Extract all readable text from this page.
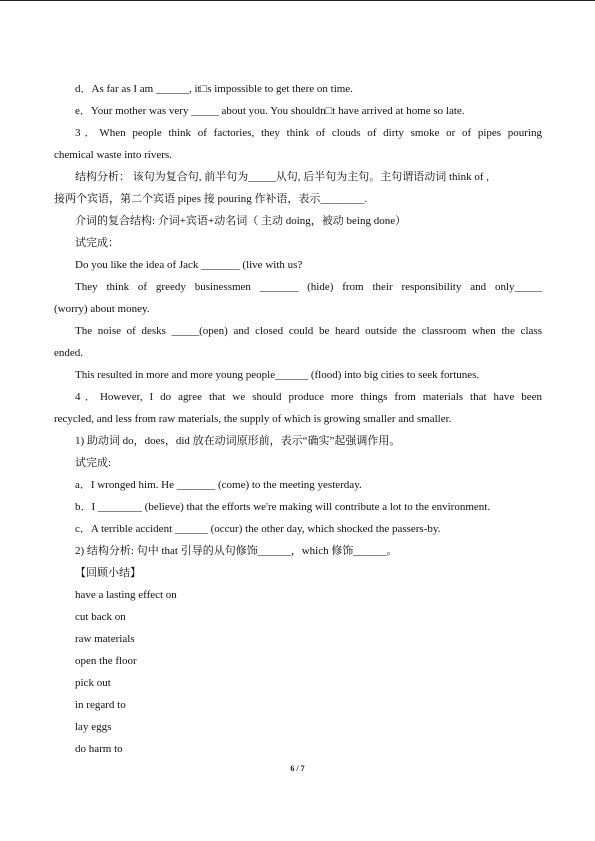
d．As far as I am ______, it□s impossible to get there on time.
e．Your mother was very _____ about you. You shouldn□t have arrived at home so late.
3．When people think of factories, they think of clouds of dirty smoke or of pipes pouring
chemical waste into rivers.
结构分析： 该句为复合句, 前半句为_____从句, 后半句为主句。主句谓语动词 think of ,
接两个宾语，第二个宾语 pipes 接 pouring 作补语，表示________.
介词的复合结构: 介词+宾语+动名词（ 主动 doing，被动 being done）
试完成：
Do you like the idea of Jack _______ (live with us?
They think of greedy businessmen _______ (hide) from their responsibility and only_____
(worry) about money.
The noise of desks _____(open) and closed could be heard outside the classroom when the class
ended.
This resulted in more and more young people______ (flood) into big cities to seek fortunes.
4．However, I do agree that we should produce more things from materials that have been
recycled, and less from raw materials, the supply of which is growing smaller and smaller.
1) 助动词 do，does，did 放在动词原形前，表示“确实”起强调作用。
试完成:
a．I wronged him. He _______ (come) to the meeting yesterday.
b．I ________ (believe) that the efforts we're making will contribute a lot to the environment.
c．A terrible accident ______ (occur) the other day, which shocked the passers-by.
2) 结构分析: 句中 that 引导的从句修饰______，which 修饰______。
【回顾小结】
have a lasting effect on
cut back on
raw materials
open the floor
pick out
in regard to
lay eggs
do harm to
6 / 7
